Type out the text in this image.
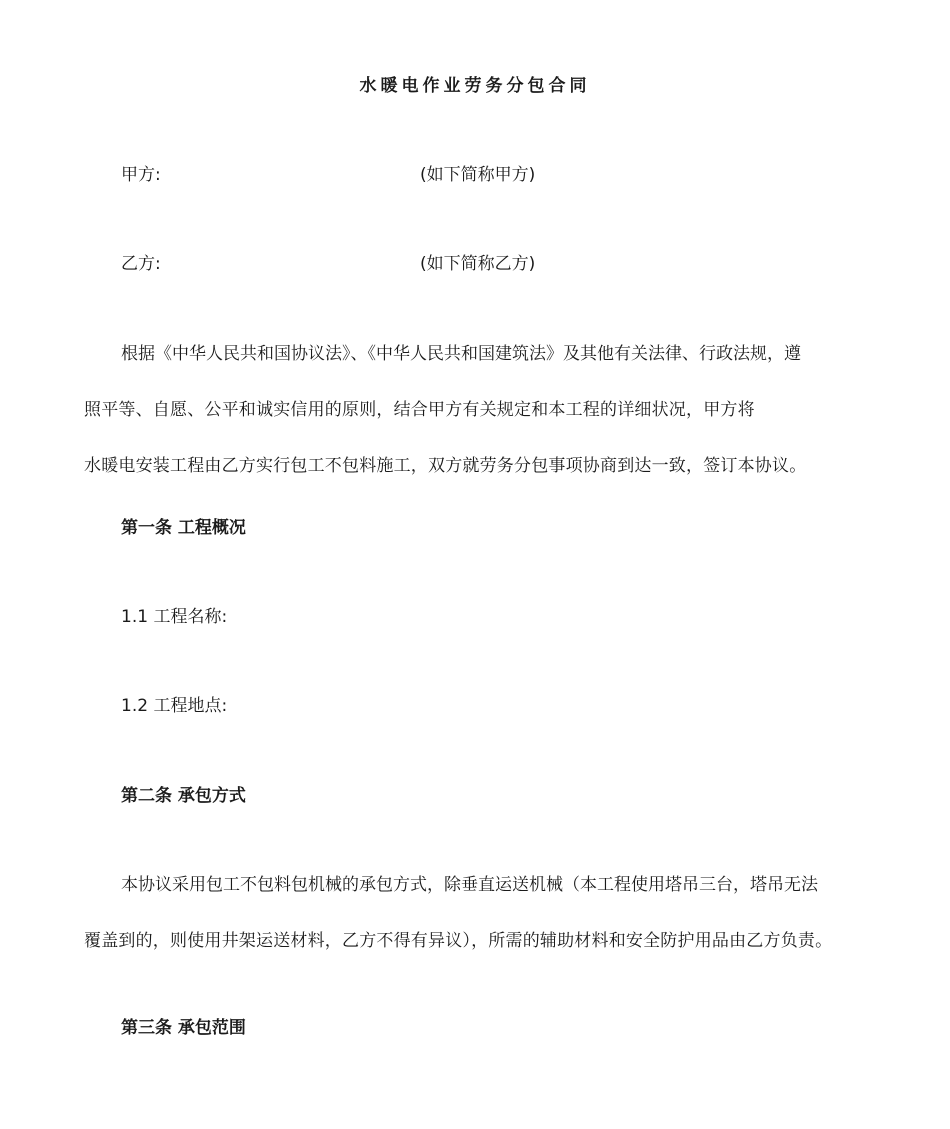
水暖电作业劳务分包合同
甲方:	(如下简称甲方)
乙方:	(如下简称乙方)
根据《中华人民共和国协议法》、《中华人民共和国建筑法》及其他有关法律、行政法规，遵
照平等、自愿、公平和诚实信用的原则，结合甲方有关规定和本工程的详细状况，甲方将
水暖电安装工程由乙方实行包工不包料施工，双方就劳务分包事项协商到达一致，签订本协议。
第一条 工程概况
1.1 工程名称:
1.2 工程地点:
第二条 承包方式
本协议采用包工不包料包机械的承包方式，除垂直运送机械（本工程使用塔吊三台，塔吊无法
覆盖到的，则使用井架运送材料，乙方不得有异议），所需的辅助材料和安全防护用品由乙方负责。
第三条 承包范围
